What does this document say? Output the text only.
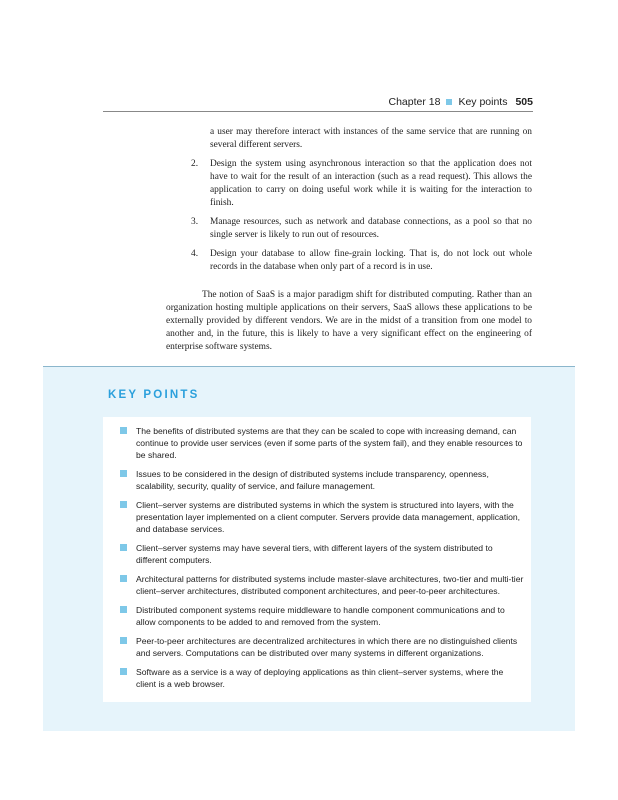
Chapter 18 Key points 505

a user may therefore interact with instances of the same service that are running on several different servers.

2. Design the system using asynchronous interaction so that the application does not have to wait for the result of an interaction (such as a read request). This allows the application to carry on doing useful work while it is waiting for the interaction to finish.
3. Manage resources, such as network and database connections, as a pool so that no single server is likely to run out of resources.
4. Design your database to allow fine-grain locking. That is, do not lock out whole records in the database when only part of a record is in use.

The notion of SaaS is a major paradigm shift for distributed computing. Rather than an organization hosting multiple applications on their servers, SaaS allows these applications to be externally provided by different vendors. We are in the midst of a transition from one model to another and, in the future, this is likely to have a very significant effect on the engineering of enterprise software systems.

KEY POINTS
The benefits of distributed systems are that they can be scaled to cope with increasing demand, can continue to provide user services (even if some parts of the system fail), and they enable resources to be shared.
Issues to be considered in the design of distributed systems include transparency, openness, scalability, security, quality of service, and failure management.
Client–server systems are distributed systems in which the system is structured into layers, with the presentation layer implemented on a client computer. Servers provide data management, application, and database services.
Client–server systems may have several tiers, with different layers of the system distributed to different computers.
Architectural patterns for distributed systems include master-slave architectures, two-tier and multi-tier client–server architectures, distributed component architectures, and peer-to-peer architectures.
Distributed component systems require middleware to handle component communications and to allow components to be added to and removed from the system.
Peer-to-peer architectures are decentralized architectures in which there are no distinguished clients and servers. Computations can be distributed over many systems in different organizations.
Software as a service is a way of deploying applications as thin client–server systems, where the client is a web browser.
